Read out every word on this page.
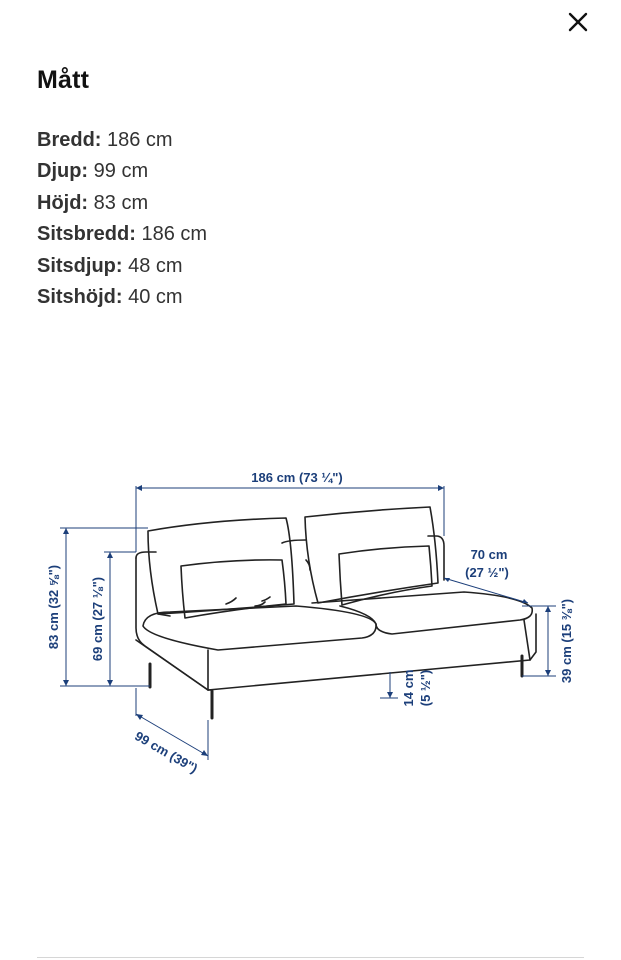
Mått
Bredd: 186 cm
Djup: 99 cm
Höjd: 83 cm
Sitsbredd: 186 cm
Sitsdjup: 48 cm
Sitshöjd: 40 cm
186 cm (73 ¼")
83 cm (32 ⅝") 69 cm (27 ⅛")
70 cm
(27 ½")
39 cm (15 ⅜")
14 cm (5 ½")
99 cm (39")
